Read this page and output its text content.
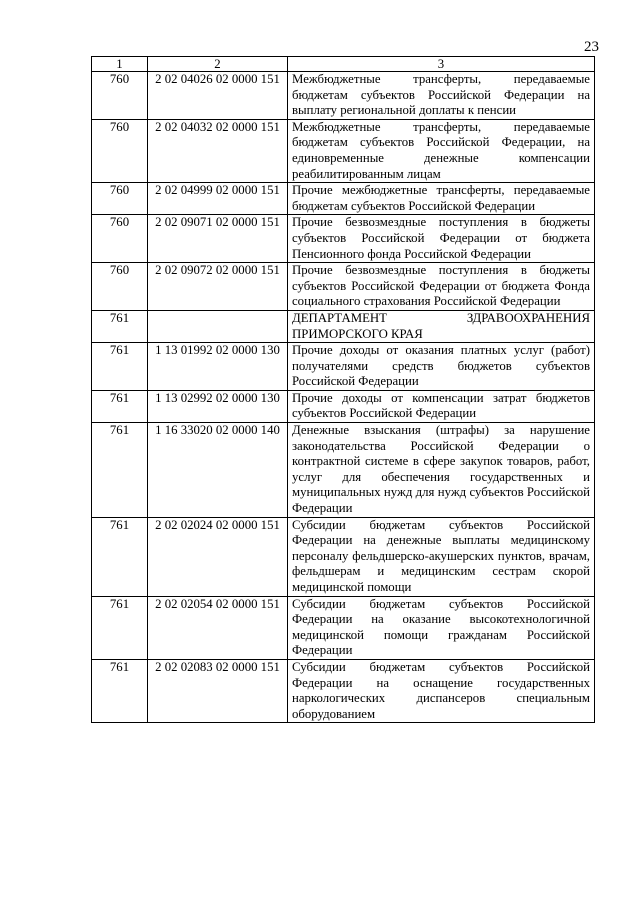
23
1	2	3
760	2 02 04026 02 0000 151	Межбюджетные трансферты, передаваемые бюджетам субъектов Российской Федерации на выплату региональной доплаты к пенсии
760	2 02 04032 02 0000 151	Межбюджетные трансферты, передаваемые бюджетам субъектов Российской Федерации, на единовременные денежные компенсации реабилитированным лицам
760	2 02 04999 02 0000 151	Прочие межбюджетные трансферты, передаваемые бюджетам субъектов Российской Федерации
760	2 02 09071 02 0000 151	Прочие безвозмездные поступления в бюджеты субъектов Российской Федерации от бюджета Пенсионного фонда Российской Федерации
760	2 02 09072 02 0000 151	Прочие безвозмездные поступления в бюджеты субъектов Российской Федерации от бюджета Фонда социального страхования Российской Федерации
761		ДЕПАРТАМЕНТ ЗДРАВООХРАНЕНИЯ ПРИМОРСКОГО КРАЯ
761	1 13 01992 02 0000 130	Прочие доходы от оказания платных услуг (работ) получателями средств бюджетов субъектов Российской Федерации
761	1 13 02992 02 0000 130	Прочие доходы от компенсации затрат бюджетов субъектов Российской Федерации
761	1 16 33020 02 0000 140	Денежные взыскания (штрафы) за нарушение законодательства Российской Федерации о контрактной системе в сфере закупок товаров, работ, услуг для обеспечения государственных и муниципальных нужд для нужд субъектов Российской Федерации
761	2 02 02024 02 0000 151	Субсидии бюджетам субъектов Российской Федерации на денежные выплаты медицинскому персоналу фельдшерско-акушерских пунктов, врачам, фельдшерам и медицинским сестрам скорой медицинской помощи
761	2 02 02054 02 0000 151	Субсидии бюджетам субъектов Российской Федерации на оказание высокотехнологичной медицинской помощи гражданам Российской Федерации
761	2 02 02083 02 0000 151	Субсидии бюджетам субъектов Российской Федерации на оснащение государственных наркологических диспансеров специальным оборудованием
